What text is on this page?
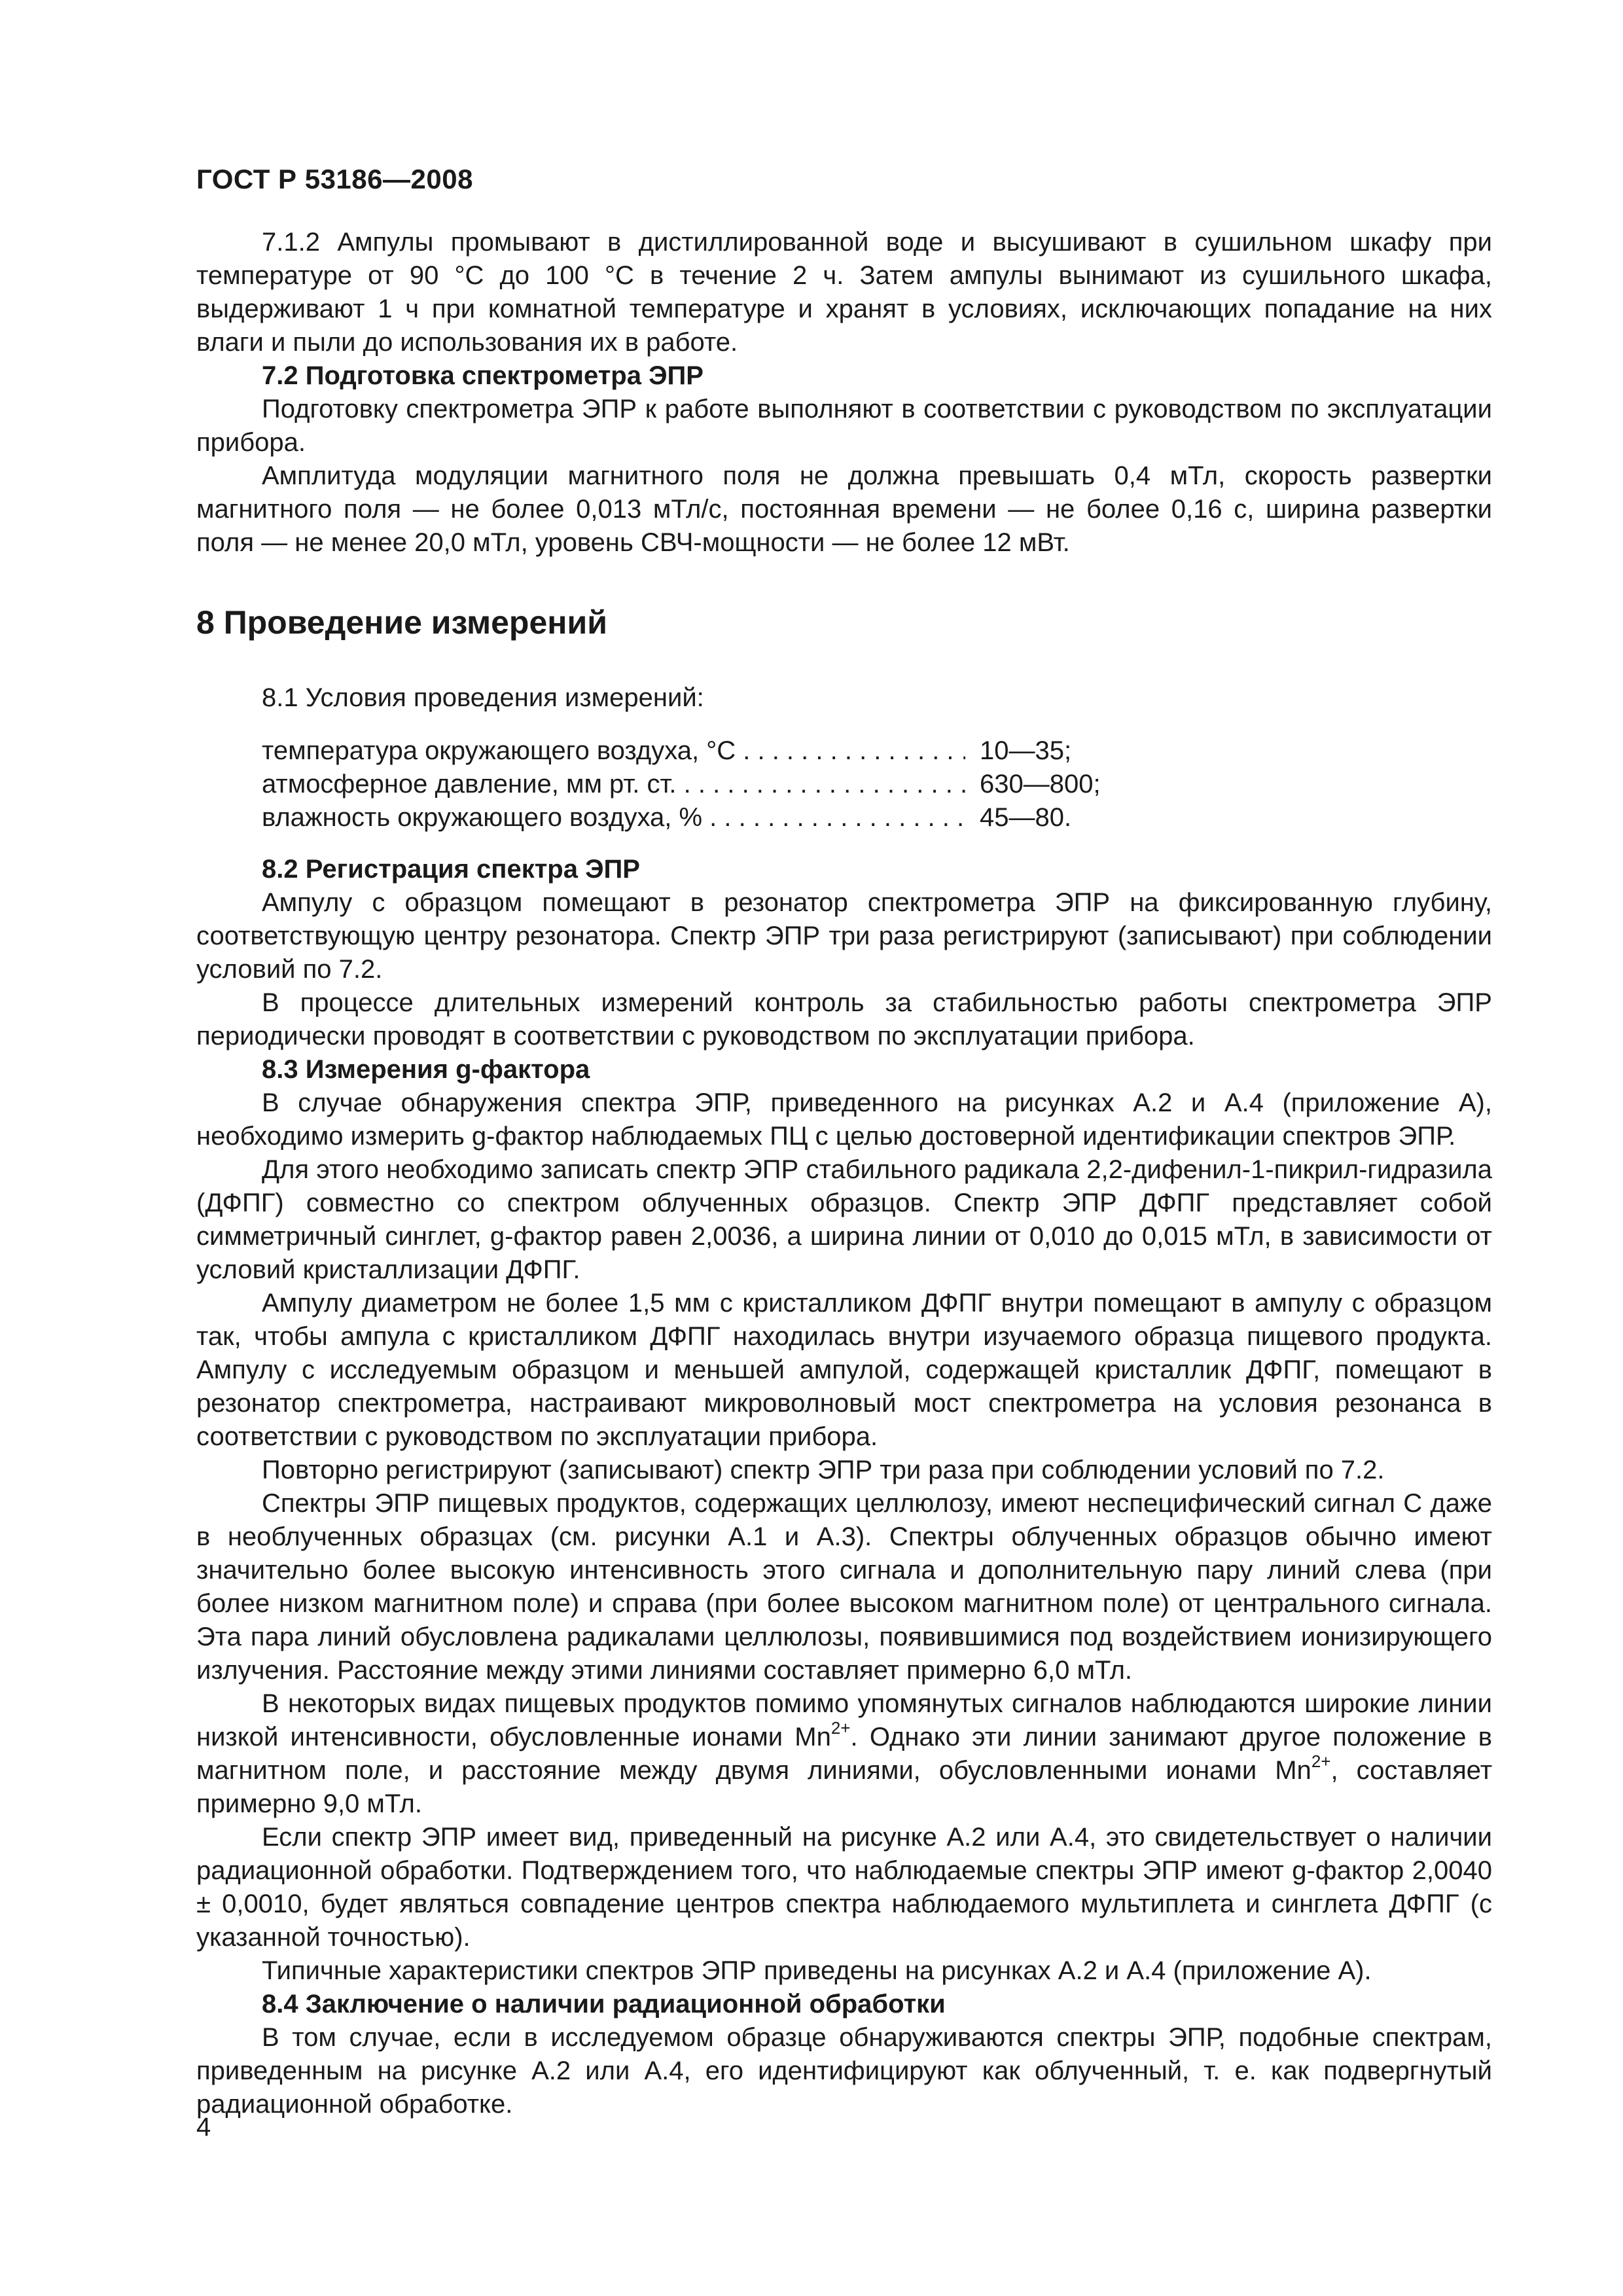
ГОСТ Р 53186—2008

7.1.2 Ампулы промывают в дистиллированной воде и высушивают в сушильном шкафу при температуре от 90 °С до 100 °С в течение 2 ч. Затем ампулы вынимают из сушильного шкафа, выдерживают 1 ч при комнатной температуре и хранят в условиях, исключающих попадание на них влаги и пыли до использования их в работе.

7.2 Подготовка спектрометра ЭПР

Подготовку спектрометра ЭПР к работе выполняют в соответствии с руководством по эксплуатации прибора.

Амплитуда модуляции магнитного поля не должна превышать 0,4 мТл, скорость развертки магнитного поля — не более 0,013 мТл/с, постоянная времени — не более 0,16 с, ширина развертки поля — не менее 20,0 мТл, уровень СВЧ-мощности — не более 12 мВт.

8 Проведение измерений

8.1 Условия проведения измерений:

температура окружающего воздуха, °С . . .	10—35;
атмосферное давление, мм рт. ст. . . .	630—800;
влажность окружающего воздуха, % . . .	45—80.
8.2 Регистрация спектра ЭПР

Ампулу с образцом помещают в резонатор спектрометра ЭПР на фиксированную глубину, соответствующую центру резонатора. Спектр ЭПР три раза регистрируют (записывают) при соблюдении условий по 7.2.

В процессе длительных измерений контроль за стабильностью работы спектрометра ЭПР периодически проводят в соответствии с руководством по эксплуатации прибора.

8.3 Измерения g-фактора

В случае обнаружения спектра ЭПР, приведенного на рисунках А.2 и А.4 (приложение А), необходимо измерить g-фактор наблюдаемых ПЦ с целью достоверной идентификации спектров ЭПР.

Для этого необходимо записать спектр ЭПР стабильного радикала 2,2-дифенил-1-пикрил-гидразила (ДФПГ) совместно со спектром облученных образцов. Спектр ЭПР ДФПГ представляет собой симметричный синглет, g-фактор равен 2,0036, а ширина линии от 0,010 до 0,015 мТл, в зависимости от условий кристаллизации ДФПГ.

Ампулу диаметром не более 1,5 мм с кристалликом ДФПГ внутри помещают в ампулу с образцом так, чтобы ампула с кристалликом ДФПГ находилась внутри изучаемого образца пищевого продукта. Ампулу с исследуемым образцом и меньшей ампулой, содержащей кристаллик ДФПГ, помещают в резонатор спектрометра, настраивают микроволновый мост спектрометра на условия резонанса в соответствии с руководством по эксплуатации прибора.

Повторно регистрируют (записывают) спектр ЭПР три раза при соблюдении условий по 7.2.

Спектры ЭПР пищевых продуктов, содержащих целлюлозу, имеют неспецифический сигнал С даже в необлученных образцах (см. рисунки А.1 и А.3). Спектры облученных образцов обычно имеют значительно более высокую интенсивность этого сигнала и дополнительную пару линий слева (при более низком магнитном поле) и справа (при более высоком магнитном поле) от центрального сигнала. Эта пара линий обусловлена радикалами целлюлозы, появившимися под воздействием ионизирующего излучения. Расстояние между этими линиями составляет примерно 6,0 мТл.

В некоторых видах пищевых продуктов помимо упомянутых сигналов наблюдаются широкие линии низкой интенсивности, обусловленные ионами $Mn^{2+}$. Однако эти линии занимают другое положение в магнитном поле, и расстояние между двумя линиями, обусловленными ионами $Mn^{2+}$, составляет примерно 9,0 мТл.

Если спектр ЭПР имеет вид, приведенный на рисунке А.2 или А.4, это свидетельствует о наличии радиационной обработки. Подтверждением того, что наблюдаемые спектры ЭПР имеют g-фактор 2,0040 ± 0,0010, будет являться совпадение центров спектра наблюдаемого мультиплета и синглета ДФПГ (с указанной точностью).

Типичные характеристики спектров ЭПР приведены на рисунках А.2 и А.4 (приложение А).

8.4 Заключение о наличии радиационной обработки

В том случае, если в исследуемом образце обнаруживаются спектры ЭПР, подобные спектрам, приведенным на рисунке А.2 или А.4, его идентифицируют как облученный, т. е. как подвергнутый радиационной обработке.

4
